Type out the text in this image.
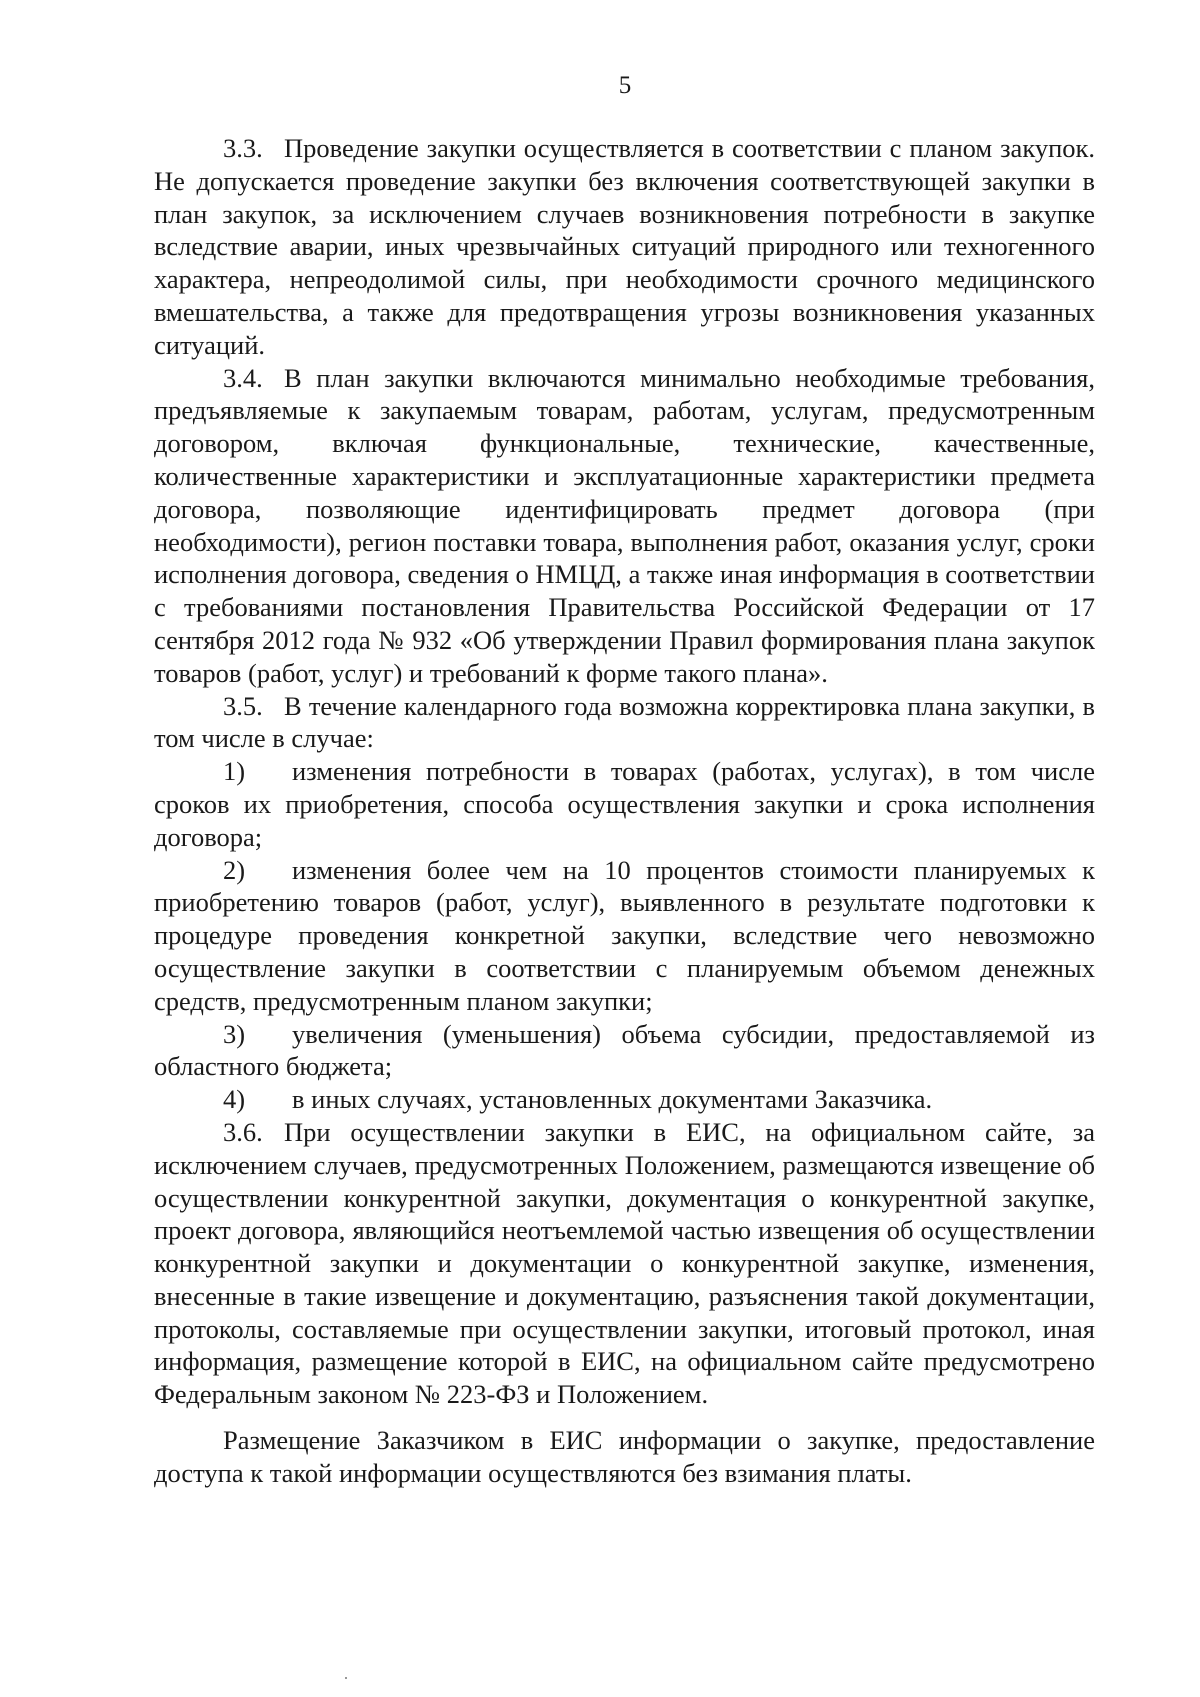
5

3.3. Проведение закупки осуществляется в соответствии с планом закупок. Не допускается проведение закупки без включения соответствующей закупки в план закупок, за исключением случаев возникновения потребности в закупке вследствие аварии, иных чрезвычайных ситуаций природного или техногенного характера, непреодолимой силы, при необходимости срочного медицинского вмешательства, а также для предотвращения угрозы возникновения указанных ситуаций.

3.4. В план закупки включаются минимально необходимые требования, предъявляемые к закупаемым товарам, работам, услугам, предусмотренным договором, включая функциональные, технические, качественные, количественные характеристики и эксплуатационные характеристики предмета договора, позволяющие идентифицировать предмет договора (при необходимости), регион поставки товара, выполнения работ, оказания услуг, сроки исполнения договора, сведения о НМЦД, а также иная информация в соответствии с требованиями постановления Правительства Российской Федерации от 17 сентября 2012 года № 932 «Об утверждении Правил формирования плана закупок товаров (работ, услуг) и требований к форме такого плана».

3.5. В течение календарного года возможна корректировка плана закупки, в том числе в случае:

1) изменения потребности в товарах (работах, услугах), в том числе сроков их приобретения, способа осуществления закупки и срока исполнения договора;

2) изменения более чем на 10 процентов стоимости планируемых к приобретению товаров (работ, услуг), выявленного в результате подготовки к процедуре проведения конкретной закупки, вследствие чего невозможно осуществление закупки в соответствии с планируемым объемом денежных средств, предусмотренным планом закупки;

3) увеличения (уменьшения) объема субсидии, предоставляемой из областного бюджета;

4) в иных случаях, установленных документами Заказчика.

3.6. При осуществлении закупки в ЕИС, на официальном сайте, за исключением случаев, предусмотренных Положением, размещаются извещение об осуществлении конкурентной закупки, документация о конкурентной закупке, проект договора, являющийся неотъемлемой частью извещения об осуществлении конкурентной закупки и документации о конкурентной закупке, изменения, внесенные в такие извещение и документацию, разъяснения такой документации, протоколы, составляемые при осуществлении закупки, итоговый протокол, иная информация, размещение которой в ЕИС, на официальном сайте предусмотрено Федеральным законом № 223-ФЗ и Положением.

Размещение Заказчиком в ЕИС информации о закупке, предоставление доступа к такой информации осуществляются без взимания платы.
